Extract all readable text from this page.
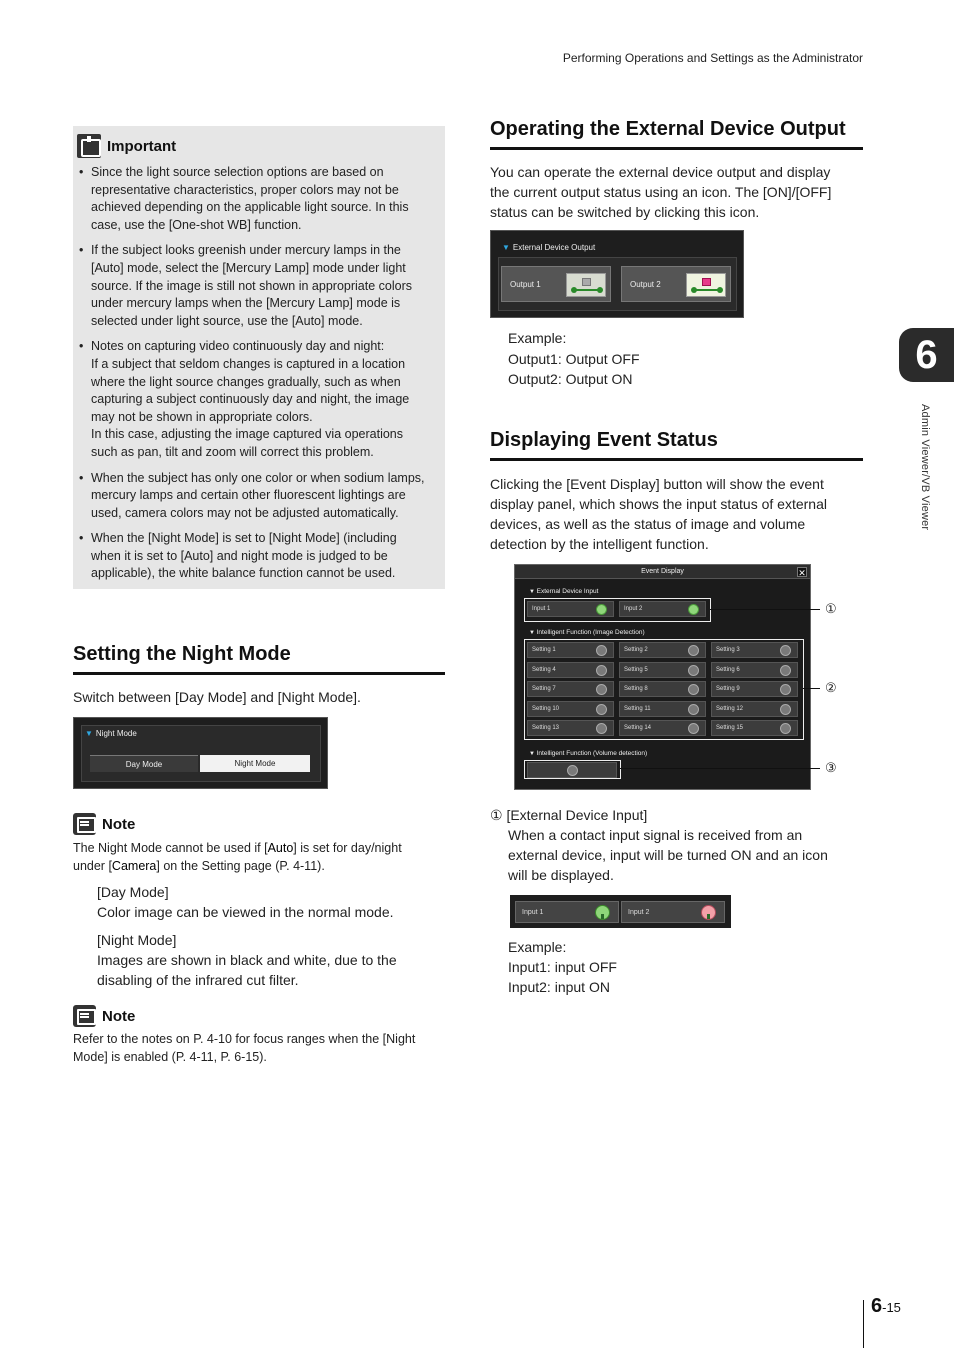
Performing Operations and Settings as the Administrator
6
Admin Viewer/VB Viewer
Important
• Since the light source selection options are based on
representative characteristics, proper colors may not be
achieved depending on the applicable light source. In this
case, use the [One-shot WB] function.
• If the subject looks greenish under mercury lamps in the
[Auto] mode, select the [Mercury Lamp] mode under light
source. If the image is still not shown in appropriate colors
under mercury lamps when the [Mercury Lamp] mode is
selected under light source, use the [Auto] mode.
• Notes on capturing video continuously day and night:
If a subject that seldom changes is captured in a location
where the light source changes gradually, such as when
capturing a subject continuously day and night, the image
may not be shown in appropriate colors.
In this case, adjusting the image captured via operations
such as pan, tilt and zoom will correct this problem.
• When the subject has only one color or when sodium lamps,
mercury lamps and certain other fluorescent lightings are
used, camera colors may not be adjusted automatically.
• When the [Night Mode] is set to [Night Mode] (including
when it is set to [Auto] and night mode is judged to be
applicable), the white balance function cannot be used.
Setting the Night Mode
Switch between [Day Mode] and [Night Mode].
▼ Night Mode
Day Mode	Night Mode
Note
The Night Mode cannot be used if [Auto] is set for day/night
under [Camera] on the Setting page (P. 4-11).
[Day Mode]
Color image can be viewed in the normal mode.
[Night Mode]
Images are shown in black and white, due to the
disabling of the infrared cut filter.
Note
Refer to the notes on P. 4-10 for focus ranges when the [Night
Mode] is enabled (P. 4-11, P. 6-15).
Operating the External Device Output
You can operate the external device output and display
the current output status using an icon. The [ON]/[OFF]
status can be switched by clicking this icon.
▼ External Device Output
Output 1	Output 2
Example:
Output1: Output OFF
Output2: Output ON
Displaying Event Status
Clicking the [Event Display] button will show the event
display panel, which shows the input status of external
devices, as well as the status of image and volume
detection by the intelligent function.
Event Display	✕
▼ External Device Input
Input 1	Input 2
▼ Intelligent Function (Image Detection)
Setting 1	Setting 2	Setting 3
Setting 4	Setting 5	Setting 6
Setting 7	Setting 8	Setting 9
Setting 10	Setting 11	Setting 12
Setting 13	Setting 14	Setting 15
▼ Intelligent Function (Volume detection)
①
②
③
① [External Device Input]
When a contact input signal is received from an
external device, input will be turned ON and an icon
will be displayed.
Input 1	Input 2
Example:
Input1: input OFF
Input2: input ON
6-15
